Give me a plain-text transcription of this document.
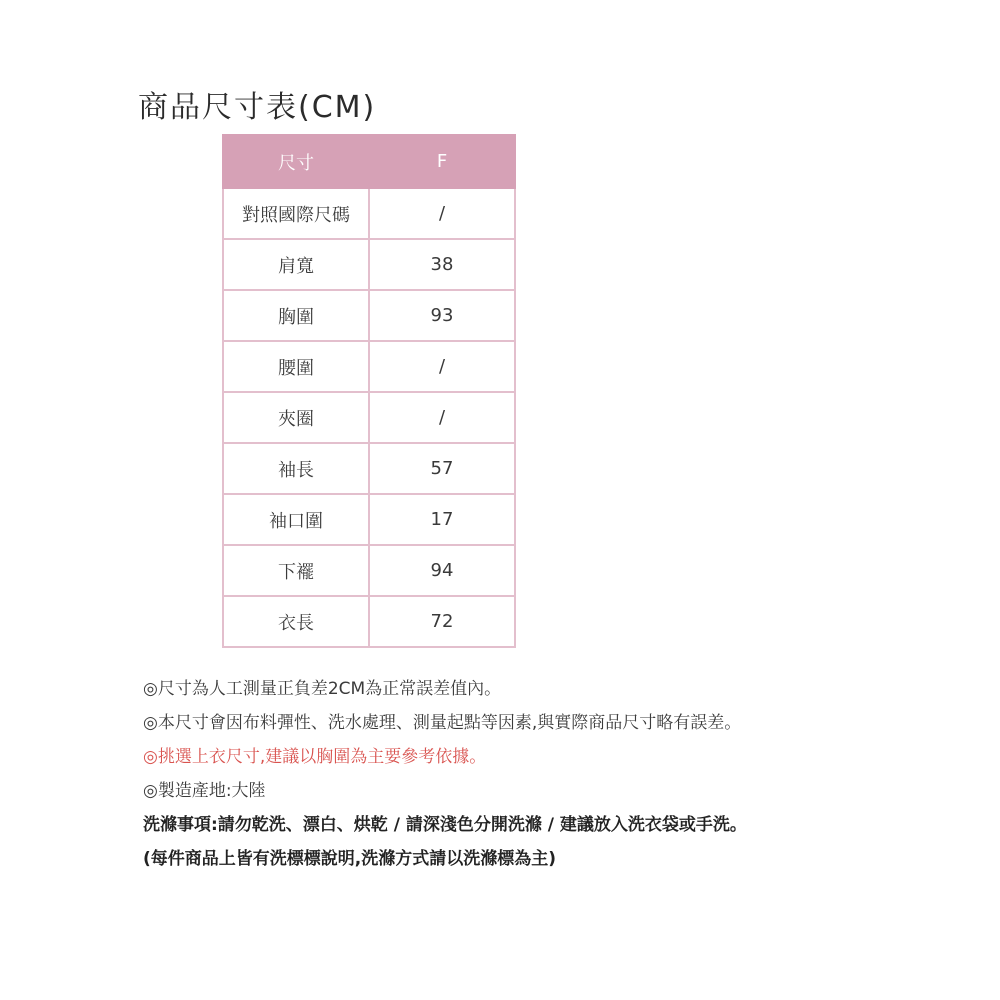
商品尺寸表(CM)
尺寸	F
對照國際尺碼	/
肩寬	38
胸圍	93
腰圍	/
夾圈	/
袖長	57
袖口圍	17
下襬	94
衣長	72
◎尺寸為人工測量正負差2CM為正常誤差值內。
◎本尺寸會因布料彈性、洗水處理、測量起點等因素,與實際商品尺寸略有誤差。
◎挑選上衣尺寸,建議以胸圍為主要參考依據。
◎製造產地:大陸
洗滌事項:請勿乾洗、漂白、烘乾 / 請深淺色分開洗滌 / 建議放入洗衣袋或手洗。
(每件商品上皆有洗標標說明,洗滌方式請以洗滌標為主)
